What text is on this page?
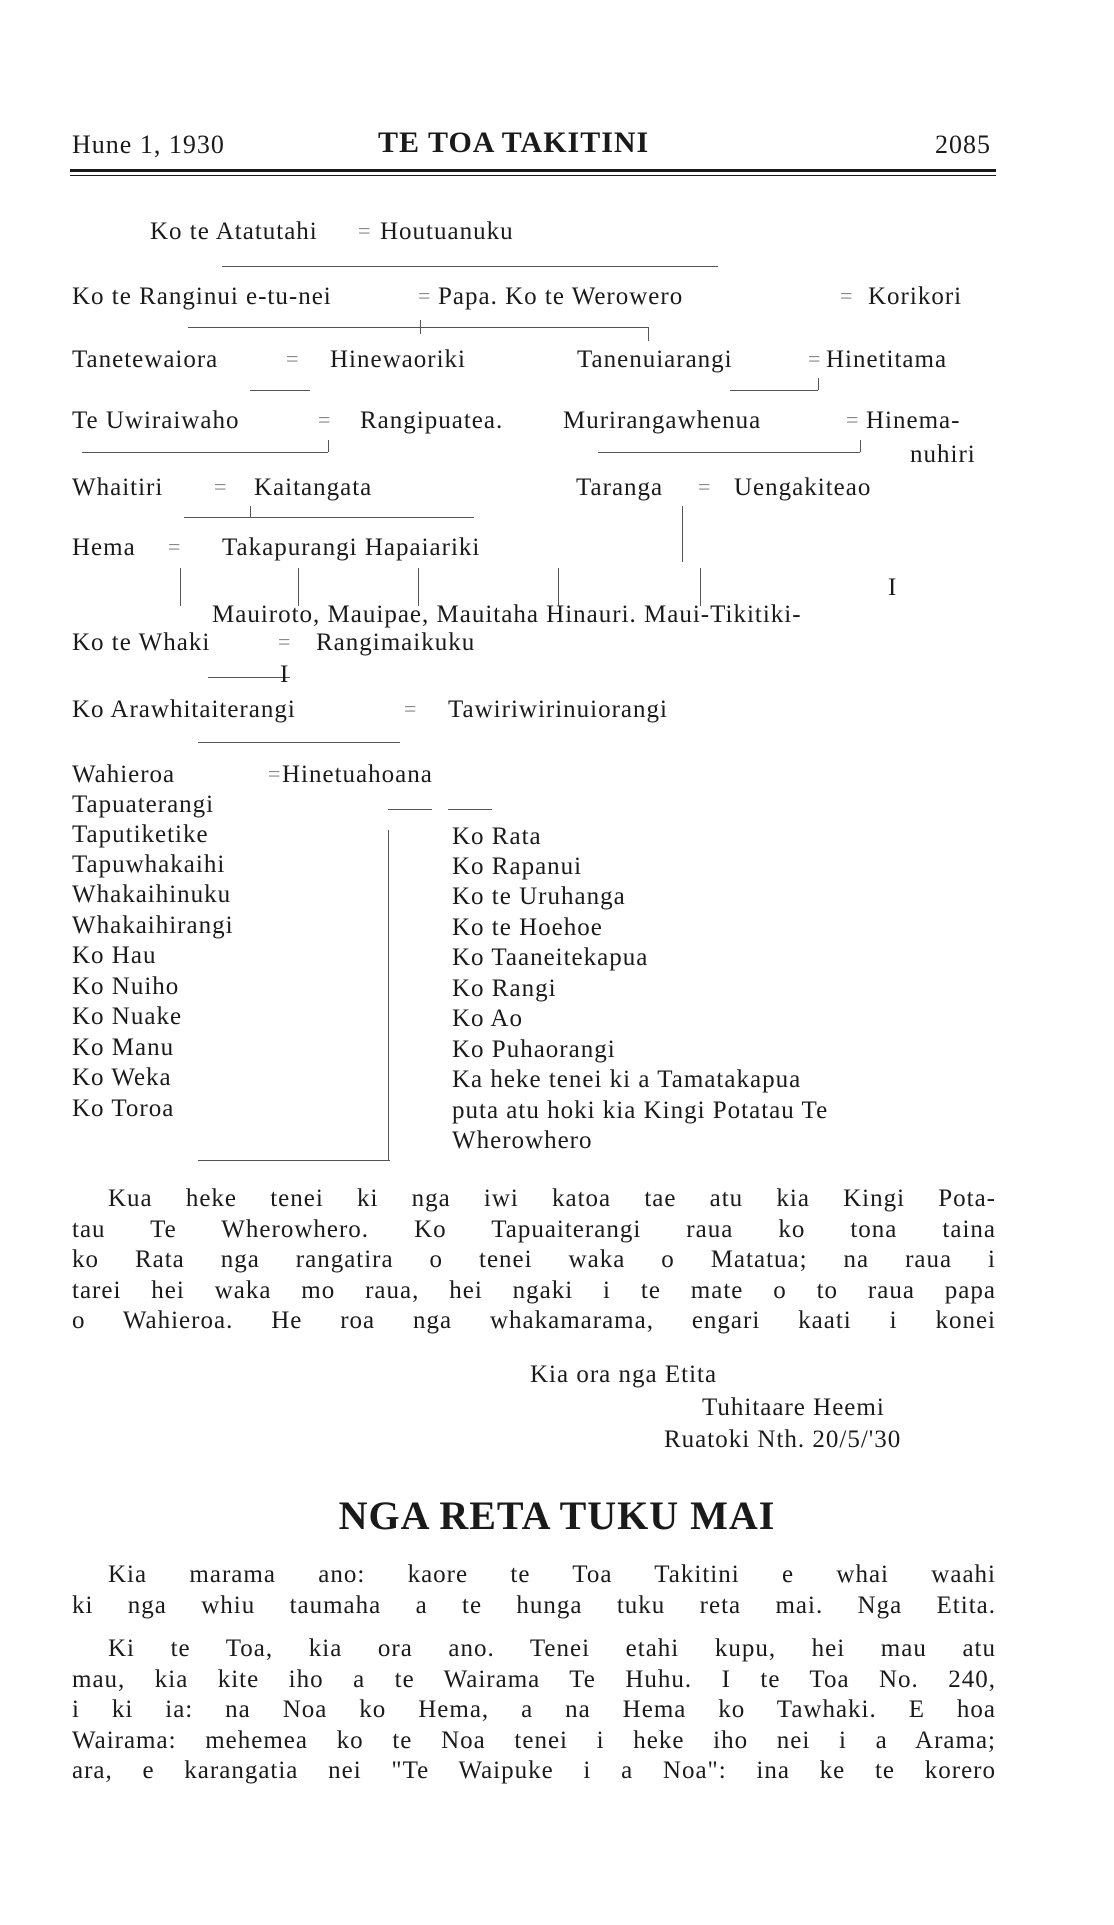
Hune 1, 1930	TE TOA TAKITINI	2085
Ko te Atatutahi = Houtuanuku
Ko te Ranginui e-tu-nei	= Papa. Ko te Werowero	= Korikori
Tanetewaiora	= Hinewaoriki	Tanenuiarangi	= Hinetitama
Te Uwiraiwaho	= Rangipuatea. Murirangawhenua	= Hinema-
nuhiri
Whaitiri = Kaitangata	Taranga = Uengakiteao
Hema = Takapurangi Hapaiariki
I
Mauiroto, Mauipae, Mauitaha Hinauri. Maui-Tikitiki-
Ko te Whaki	= Rangimaikuku
I
Ko Arawhitaiterangi	= Tawiriwirinuiorangi
Wahieroa	= Hinetuahoana
Tapuaterangi
Taputiketike
Tapuwhakaihi
Whakaihinuku
Whakaihirangi
Ko Hau
Ko Nuiho
Ko Nuake
Ko Manu
Ko Weka
Ko Toroa
Ko Rata
Ko Rapanui
Ko te Uruhanga
Ko te Hoehoe
Ko Taaneitekapua
Ko Rangi
Ko Ao
Ko Puhaorangi
Ka heke tenei ki a Tamatakapua
puta atu hoki kia Kingi Potatau Te
Wherowhero
Kua heke tenei ki nga iwi katoa tae atu kia Kingi Pota-
tau Te Wherowhero. Ko Tapuaiterangi raua ko tona taina
ko Rata nga rangatira o tenei waka o Matatua; na raua i
tarei hei waka mo raua, hei ngaki i te mate o to raua papa
o Wahieroa. He roa nga whakamarama, engari kaati i konei
Kia ora nga Etita
Tuhitaare Heemi
Ruatoki Nth. 20/5/'30
NGA RETA TUKU MAI
Kia marama ano: kaore te Toa Takitini e whai waahi
ki nga whiu taumaha a te hunga tuku reta mai. Nga Etita.
Ki te Toa, kia ora ano. Tenei etahi kupu, hei mau atu
mau, kia kite iho a te Wairama Te Huhu. I te Toa No. 240,
i ki ia: na Noa ko Hema, a na Hema ko Tawhaki. E hoa
Wairama: mehemea ko te Noa tenei i heke iho nei i a Arama;
ara, e karangatia nei "Te Waipuke i a Noa": ina ke te korero
